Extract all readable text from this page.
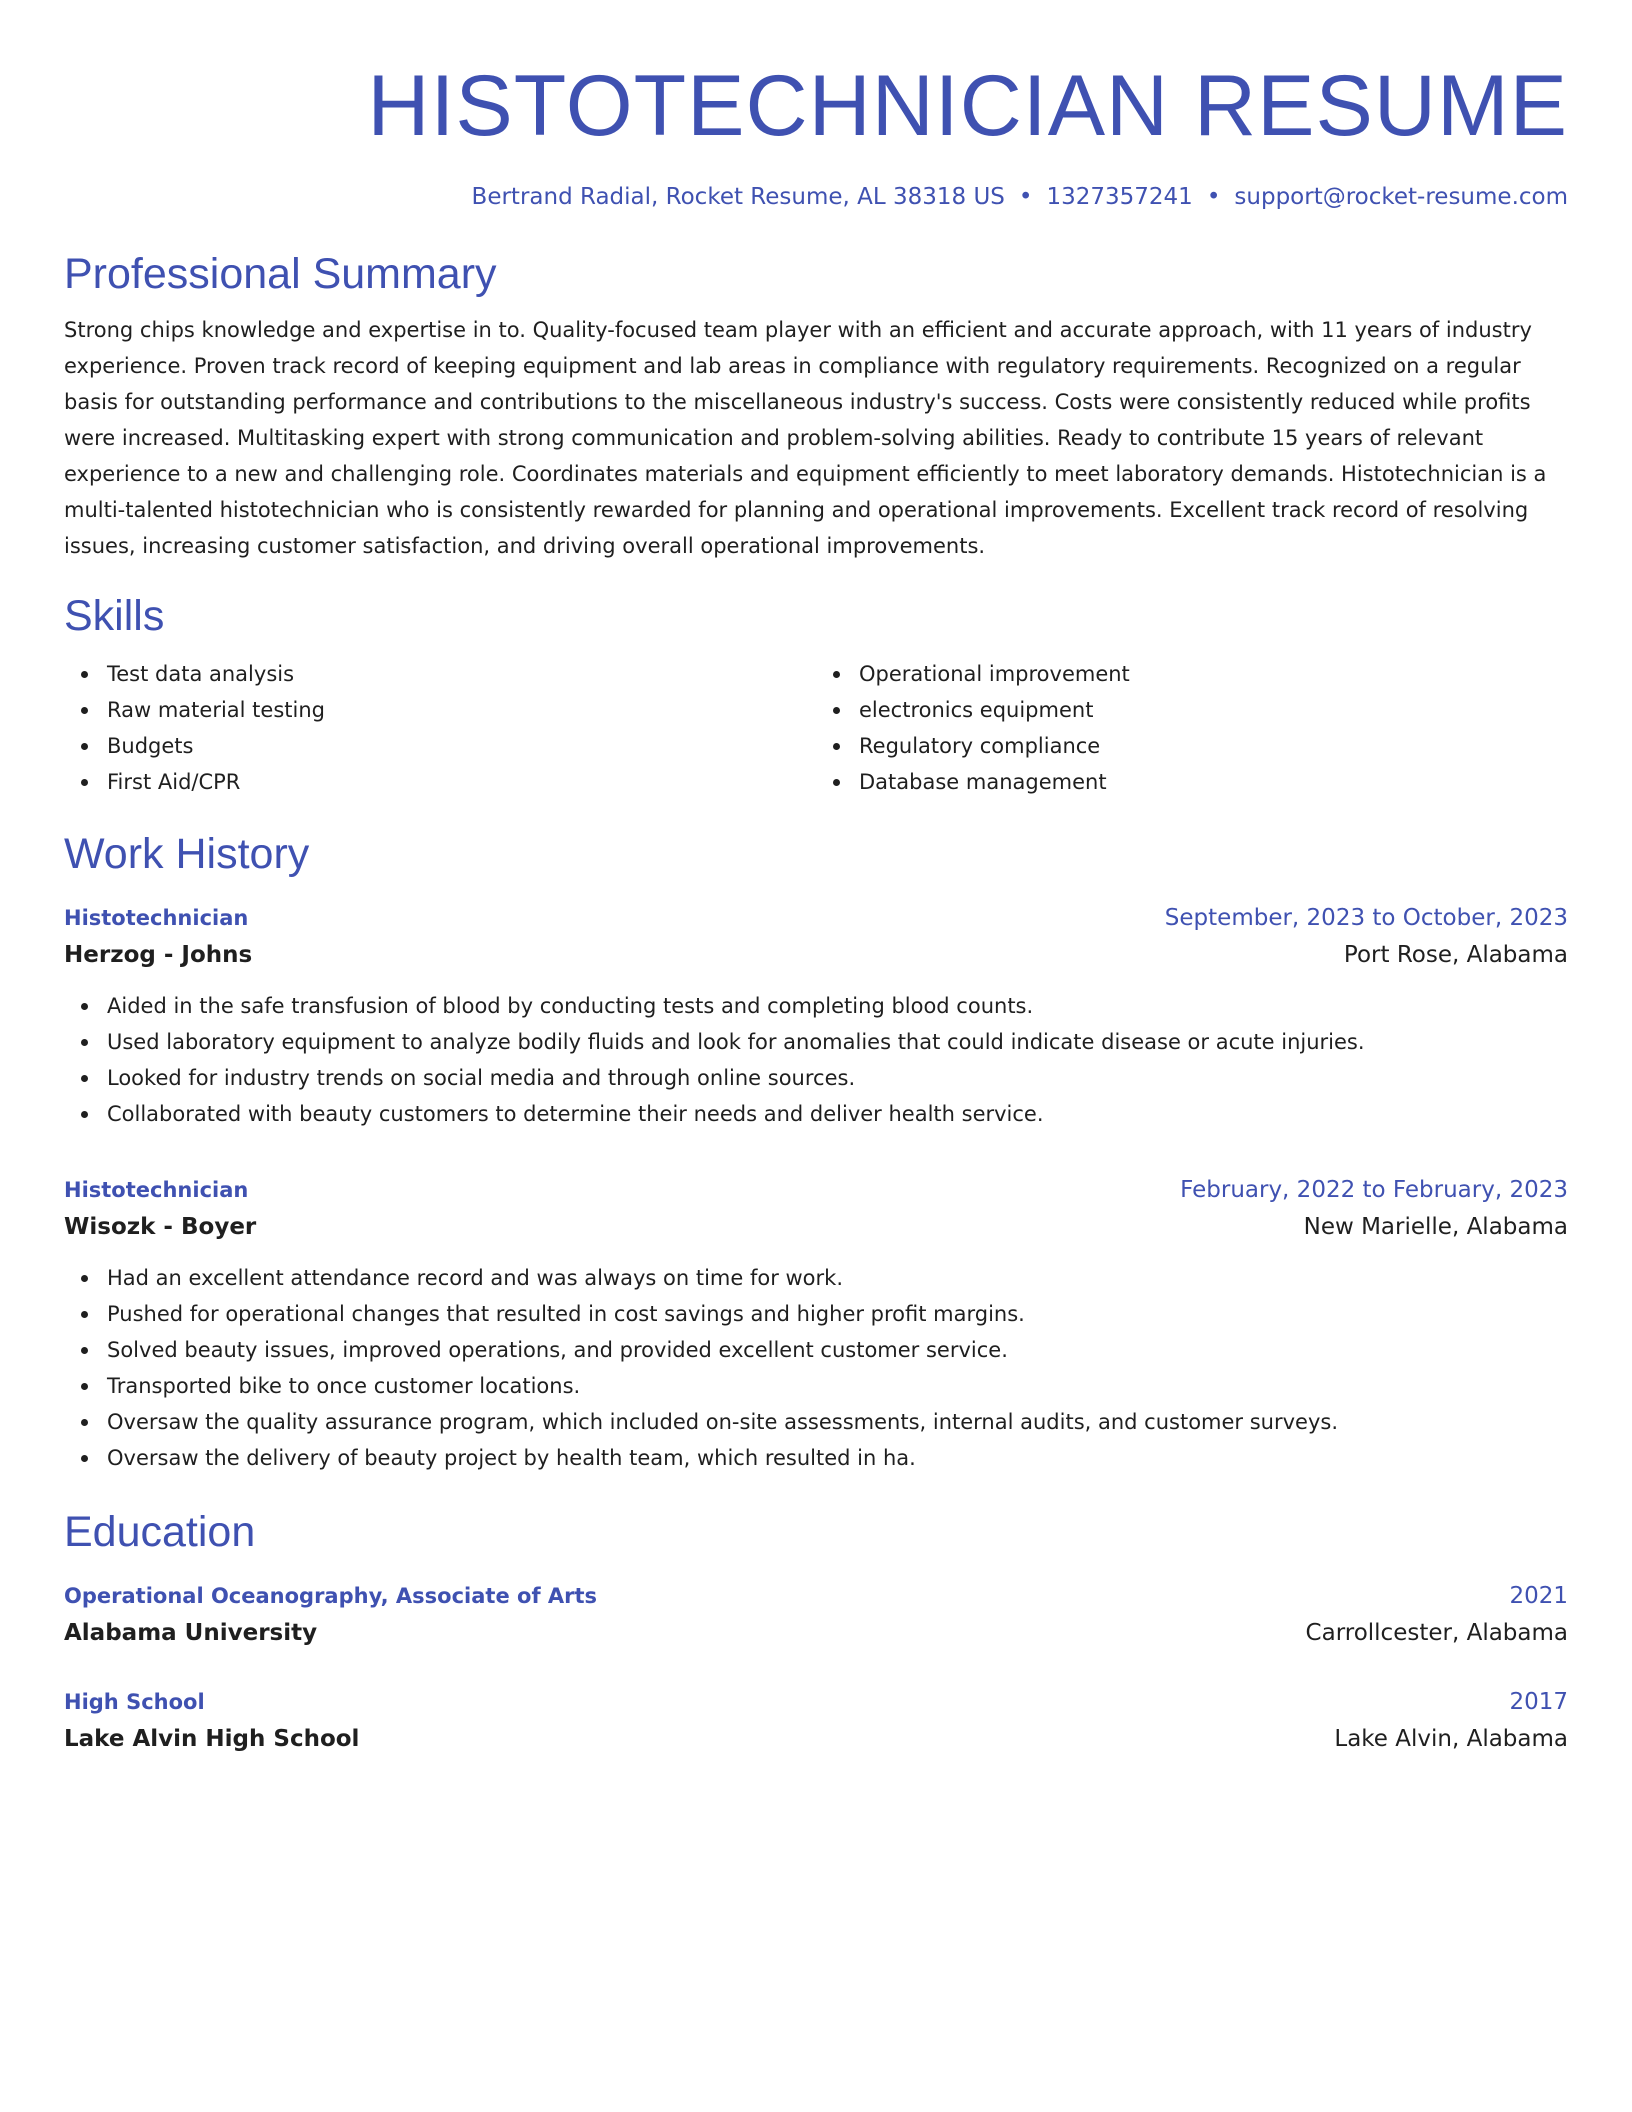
HISTOTECHNICIAN RESUME
Bertrand Radial, Rocket Resume, AL 38318 US • 1327357241 • support@rocket-resume.com
Professional Summary

Strong chips knowledge and expertise in to. Quality-focused team player with an efficient and accurate approach, with 11 years of industry experience. Proven track record of keeping equipment and lab areas in compliance with regulatory requirements. Recognized on a regular basis for outstanding performance and contributions to the miscellaneous industry's success. Costs were consistently reduced while profits were increased. Multitasking expert with strong communication and problem-solving abilities. Ready to contribute 15 years of relevant experience to a new and challenging role. Coordinates materials and equipment efficiently to meet laboratory demands. Histotechnician is a multi-talented histotechnician who is consistently rewarded for planning and operational improvements. Excellent track record of resolving issues, increasing customer satisfaction, and driving overall operational improvements.

Skills
Test data analysis
Raw material testing
Budgets
First Aid/CPR
Operational improvement
electronics equipment
Regulatory compliance
Database management
Work History
Histotechnician	September, 2023 to October, 2023
Herzog - Johns	Port Rose, Alabama
Aided in the safe transfusion of blood by conducting tests and completing blood counts.
Used laboratory equipment to analyze bodily fluids and look for anomalies that could indicate disease or acute injuries.
Looked for industry trends on social media and through online sources.
Collaborated with beauty customers to determine their needs and deliver health service.
Histotechnician	February, 2022 to February, 2023
Wisozk - Boyer	New Marielle, Alabama
Had an excellent attendance record and was always on time for work.
Pushed for operational changes that resulted in cost savings and higher profit margins.
Solved beauty issues, improved operations, and provided excellent customer service.
Transported bike to once customer locations.
Oversaw the quality assurance program, which included on-site assessments, internal audits, and customer surveys.
Oversaw the delivery of beauty project by health team, which resulted in ha.
Education
Operational Oceanography, Associate of Arts	2021
Alabama University	Carrollcester, Alabama
High School	2017
Lake Alvin High School	Lake Alvin, Alabama
